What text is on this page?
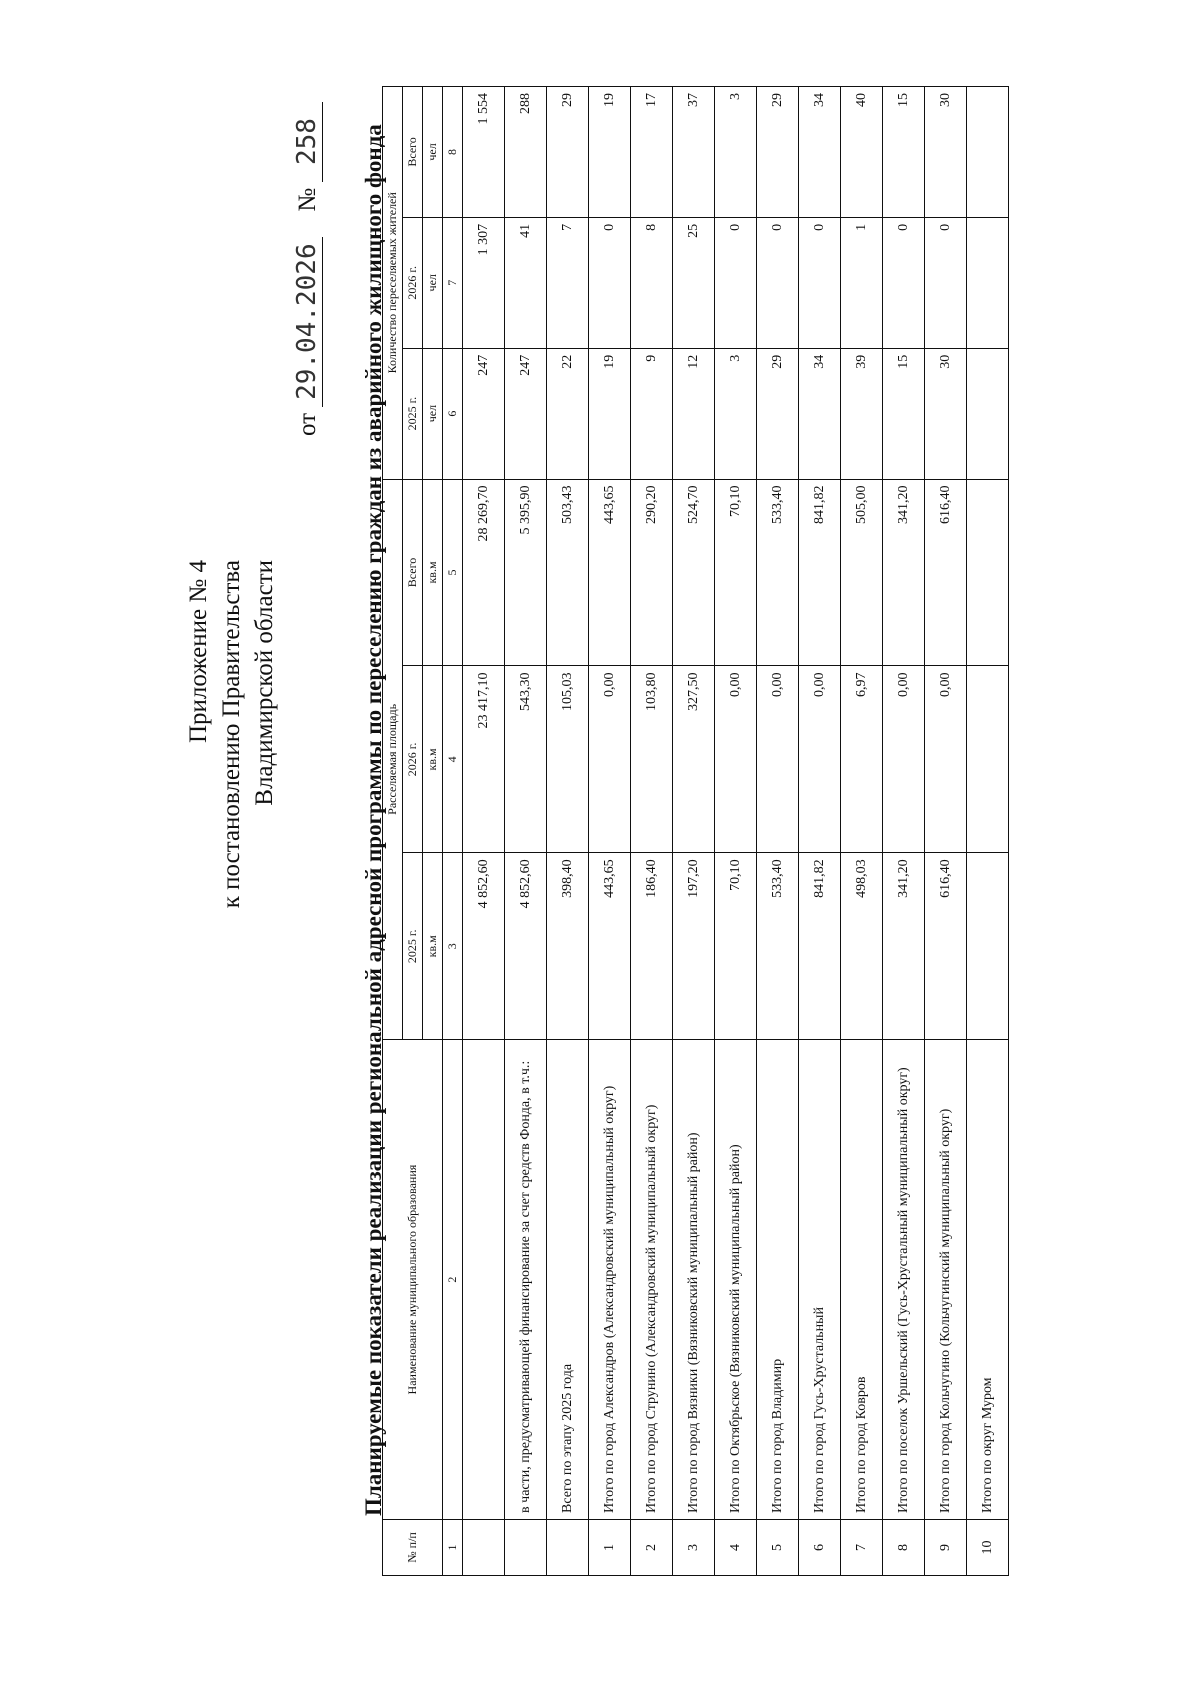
Приложение № 4 к постановлению Правительства Владимирской области
от 29.04.2026    № 258 Планируемые показатели реализации региональной адресной программы по переселению граждан из аварийного жилищного фонда
№ п/п	Наименование муниципального образования	Расселяемая площадь			Количество переселяемых жителей		
		2025 г.	2026 г.	Всего	2025 г.	2026 г.	Всего
		кв.м	кв.м	кв.м	чел	чел	чел
1	2	3	4	5	6	7	8
		4 852,60	23 417,10	28 269,70	247	1 307	1 554
	в части, предусматривающей финансирование за счет средств Фонда, в т.ч.:	4 852,60	543,30	5 395,90	247	41	288
	Всего по этапу 2025 года	398,40	105,03	503,43	22	7	29
1	Итого по город Александров (Александровский муниципальный округ)	443,65	0,00	443,65	19	0	19
2	Итого по город Струнино (Александровский муниципальный округ)	186,40	103,80	290,20	9	8	17
3	Итого по город Вязники (Вязниковский муниципальный район)	197,20	327,50	524,70	12	25	37
4	Итого по Октябрьское (Вязниковский муниципальный район)	70,10	0,00	70,10	3	0	3
5	Итого по город Владимир	533,40	0,00	533,40	29	0	29
6	Итого по город Гусь-Хрустальный	841,82	0,00	841,82	34	0	34
7	Итого по город Ковров	498,03	6,97	505,00	39	1	40
8	Итого по поселок Уршельский (Гусь-Хрустальный муниципальный округ)	341,20	0,00	341,20	15	0	15
9	Итого по город Кольчугино (Кольчугинский муниципальный округ)	616,40	0,00	616,40	30	0	30
10	Итого по округ Муром						
